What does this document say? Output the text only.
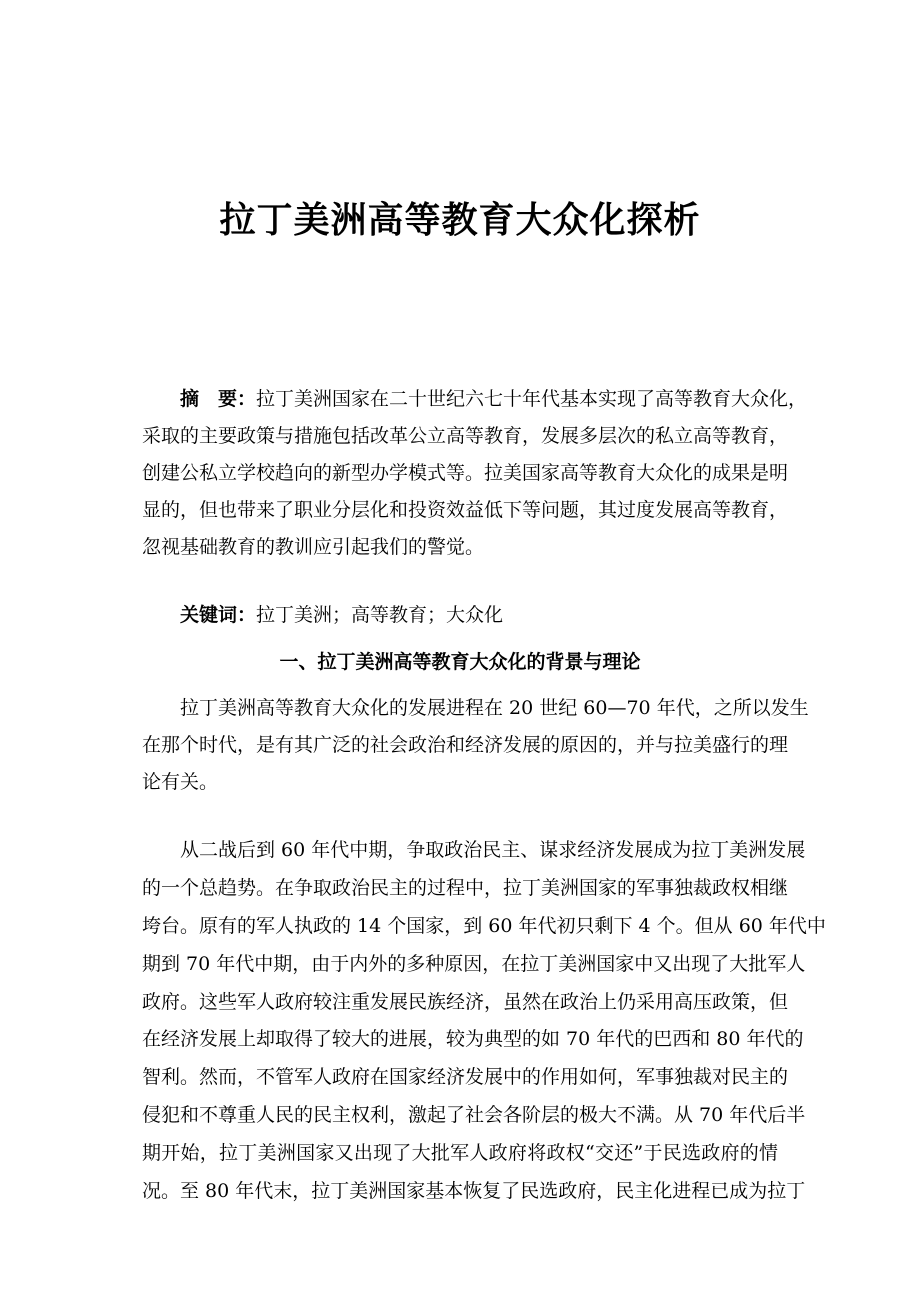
拉丁美洲高等教育大众化探析
摘　要：拉丁美洲国家在二十世纪六七十年代基本实现了高等教育大众化，
采取的主要政策与措施包括改革公立高等教育，发展多层次的私立高等教育，
创建公私立学校趋向的新型办学模式等。拉美国家高等教育大众化的成果是明
显的，但也带来了职业分层化和投资效益低下等问题，其过度发展高等教育，
忽视基础教育的教训应引起我们的警觉。
关键词：拉丁美洲；高等教育；大众化
一、拉丁美洲高等教育大众化的背景与理论
拉丁美洲高等教育大众化的发展进程在 20 世纪 60—70 年代，之所以发生
在那个时代，是有其广泛的社会政治和经济发展的原因的，并与拉美盛行的理
论有关。
从二战后到 60 年代中期，争取政治民主、谋求经济发展成为拉丁美洲发展
的一个总趋势。在争取政治民主的过程中，拉丁美洲国家的军事独裁政权相继
垮台。原有的军人执政的 14 个国家，到 60 年代初只剩下 4 个。但从 60 年代中
期到 70 年代中期，由于内外的多种原因，在拉丁美洲国家中又出现了大批军人
政府。这些军人政府较注重发展民族经济，虽然在政治上仍采用高压政策，但
在经济发展上却取得了较大的进展，较为典型的如 70 年代的巴西和 80 年代的
智利。然而，不管军人政府在国家经济发展中的作用如何，军事独裁对民主的
侵犯和不尊重人民的民主权利，激起了社会各阶层的极大不满。从 70 年代后半
期开始，拉丁美洲国家又出现了大批军人政府将政权“交还”于民选政府的情
况。至 80 年代末，拉丁美洲国家基本恢复了民选政府，民主化进程已成为拉丁
